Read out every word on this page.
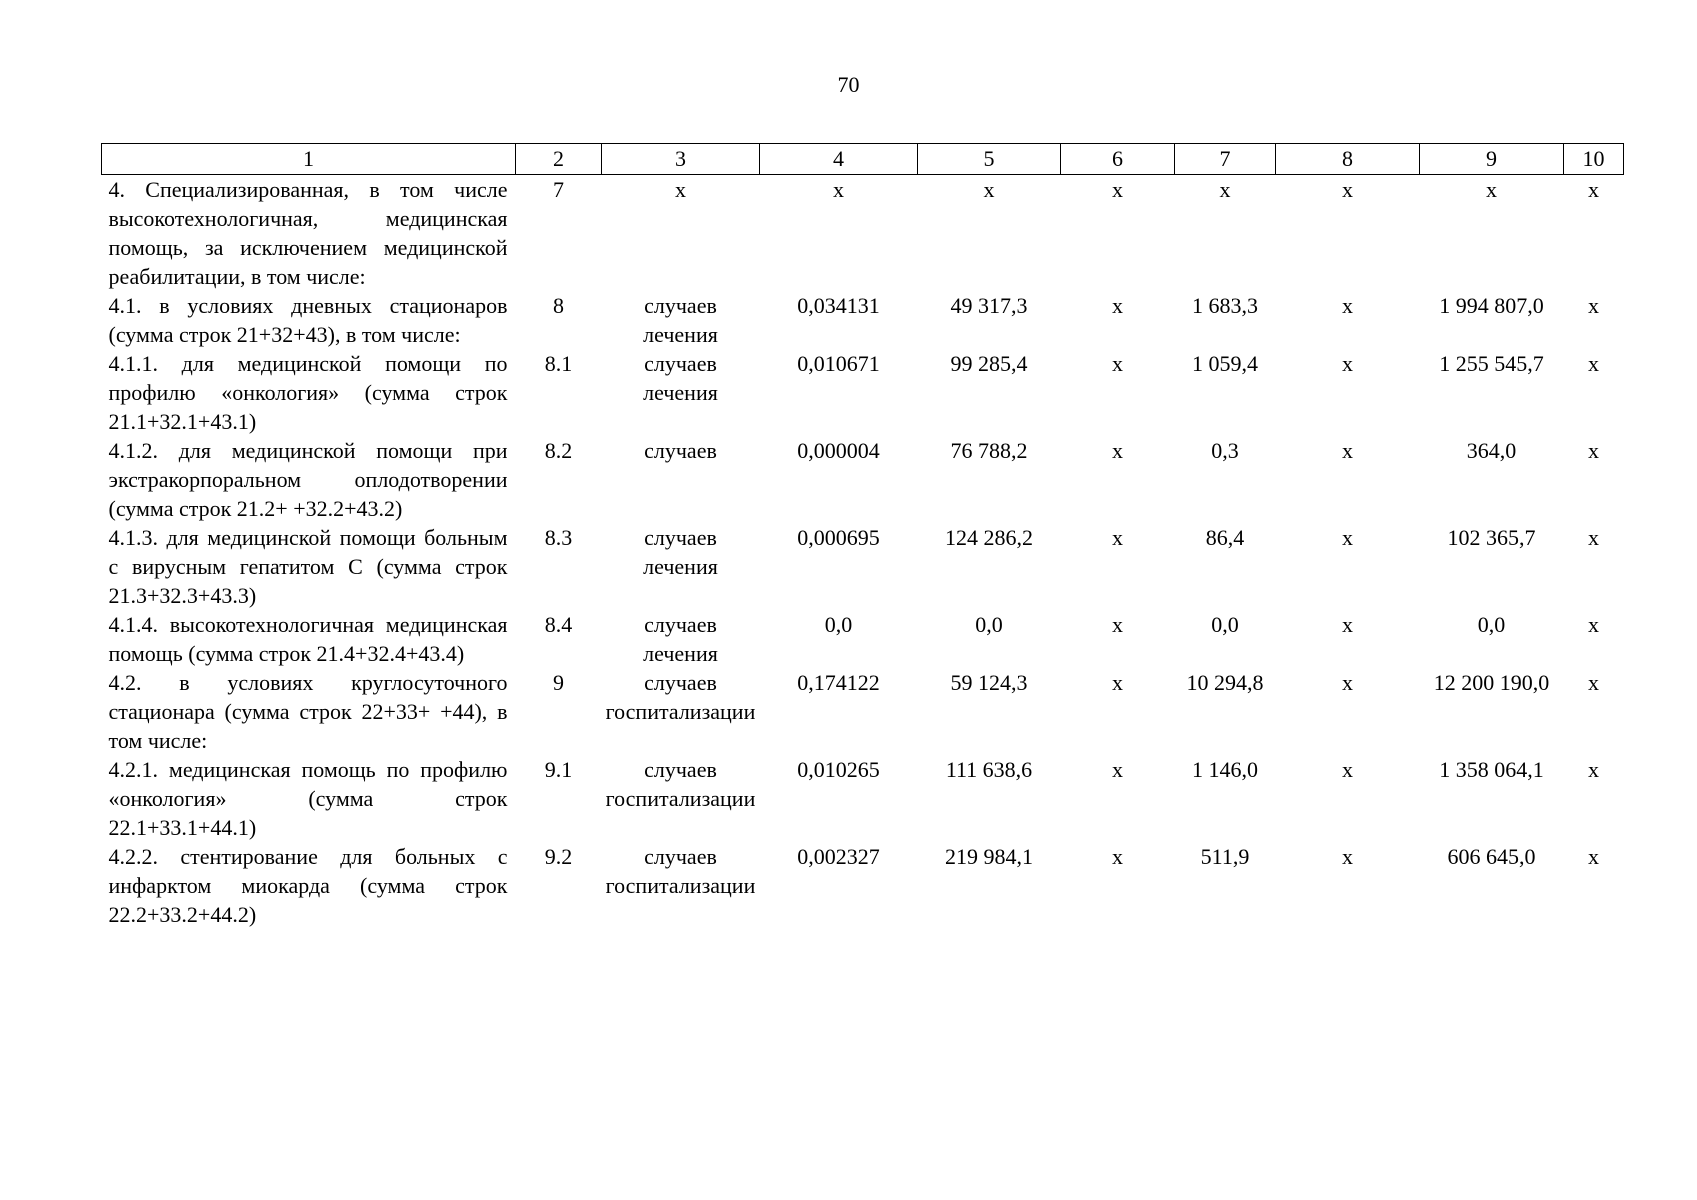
70
1	2	3	4	5	6	7	8	9	10
4. Специализированная, в том числе высокотехнологичная, медицинская помощь, за исключением медицинской реабилитации, в том числе:	7	х	х	х	х	х	х	х	х
4.1. в условиях дневных стационаров (сумма строк 21+32+43), в том числе:	8	случаев лечения	0,034131	49 317,3	х	1 683,3	х	1 994 807,0	х
4.1.1. для медицинской помощи по профилю «онкология» (сумма строк 21.1+32.1+43.1)	8.1	случаев лечения	0,010671	99 285,4	х	1 059,4	х	1 255 545,7	х
4.1.2. для медицинской помощи при экстракорпоральном оплодотворении (сумма строк 21.2+ +32.2+43.2)	8.2	случаев	0,000004	76 788,2	х	0,3	х	364,0	х
4.1.3. для медицинской помощи больным с вирусным гепатитом С (сумма строк 21.3+32.3+43.3)	8.3	случаев лечения	0,000695	124 286,2	х	86,4	х	102 365,7	х
4.1.4. высокотехнологичная медицинская помощь (сумма строк 21.4+32.4+43.4)	8.4	случаев лечения	0,0	0,0	х	0,0	х	0,0	х
4.2. в условиях круглосуточного стационара (сумма строк 22+33+ +44), в том числе:	9	случаев госпитализации	0,174122	59 124,3	х	10 294,8	х	12 200 190,0	х
4.2.1. медицинская помощь по профилю «онкология» (сумма строк 22.1+33.1+44.1)	9.1	случаев госпитализации	0,010265	111 638,6	х	1 146,0	х	1 358 064,1	х
4.2.2. стентирование для больных с инфарктом миокарда (сумма строк 22.2+33.2+44.2)	9.2	случаев госпитализации	0,002327	219 984,1	х	511,9	х	606 645,0	х
